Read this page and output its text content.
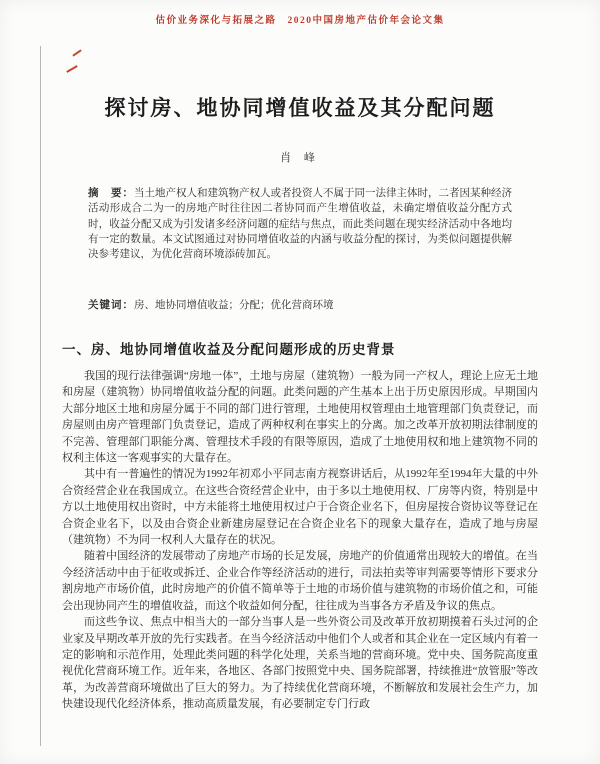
估价业务深化与拓展之路　2020中国房地产估价年会论文集
探讨房、地协同增值收益及其分配问题
肖 峰
摘　要：当土地产权人和建筑物产权人或者投资人不属于同一法律主体时，二者因某种经济活动形成合二为一的房地产时往往因二者协同而产生增值收益，未确定增值收益分配方式时，收益分配又成为引发诸多经济问题的症结与焦点，而此类问题在现实经济活动中各地均有一定的数量。本文试图通过对协同增值收益的内涵与收益分配的探讨，为类似问题提供解决参考建议，为优化营商环境添砖加瓦。
关键词：房、地协同增值收益；分配；优化营商环境
一、房、地协同增值收益及分配问题形成的历史背景

我国的现行法律强调“房地一体”，土地与房屋（建筑物）一般为同一产权人，理论上应无土地和房屋（建筑物）协同增值收益分配的问题。此类问题的产生基本上出于历史原因形成。早期国内大部分地区土地和房屋分属于不同的部门进行管理，土地使用权管理由土地管理部门负责登记，而房屋则由房产管理部门负责登记，造成了两种权利在事实上的分离。加之改革开放初期法律制度的不完善、管理部门职能分离、管理技术手段的有限等原因，造成了土地使用权和地上建筑物不同的权利主体这一客观事实的大量存在。

其中有一普遍性的情况为1992年初邓小平同志南方视察讲话后，从1992年至1994年大量的中外合资经营企业在我国成立。在这些合资经营企业中，由于多以土地使用权、厂房等内资，特别是中方以土地使用权出资时，中方未能将土地使用权过户于合资企业名下，但房屋按合资协议等登记在合资企业名下，以及由合资企业新建房屋登记在合资企业名下的现象大量存在，造成了地与房屋（建筑物）不为同一权利人大量存在的状况。

随着中国经济的发展带动了房地产市场的长足发展，房地产的价值通常出现较大的增值。在当今经济活动中由于征收或拆迁、企业合作等经济活动的进行，司法拍卖等审判需要等情形下要求分割房地产市场价值，此时房地产的价值不简单等于土地的市场价值与建筑物的市场价值之和，可能会出现协同产生的增值收益，而这个收益如何分配，往往成为当事各方矛盾及争议的焦点。

而这些争议、焦点中相当大的一部分当事人是一些外资公司及改革开放初期摸着石头过河的企业家及早期改革开放的先行实践者。在当今经济活动中他们个人或者和其企业在一定区域内有着一定的影响和示范作用，处理此类问题的科学化处理，关系当地的营商环境。党中央、国务院高度重视优化营商环境工作。近年来，各地区、各部门按照党中央、国务院部署，持续推进“放管服”等改革，为改善营商环境做出了巨大的努力。为了持续优化营商环境，不断解放和发展社会生产力，加快建设现代化经济体系，推动高质量发展，有必要制定专门行政
